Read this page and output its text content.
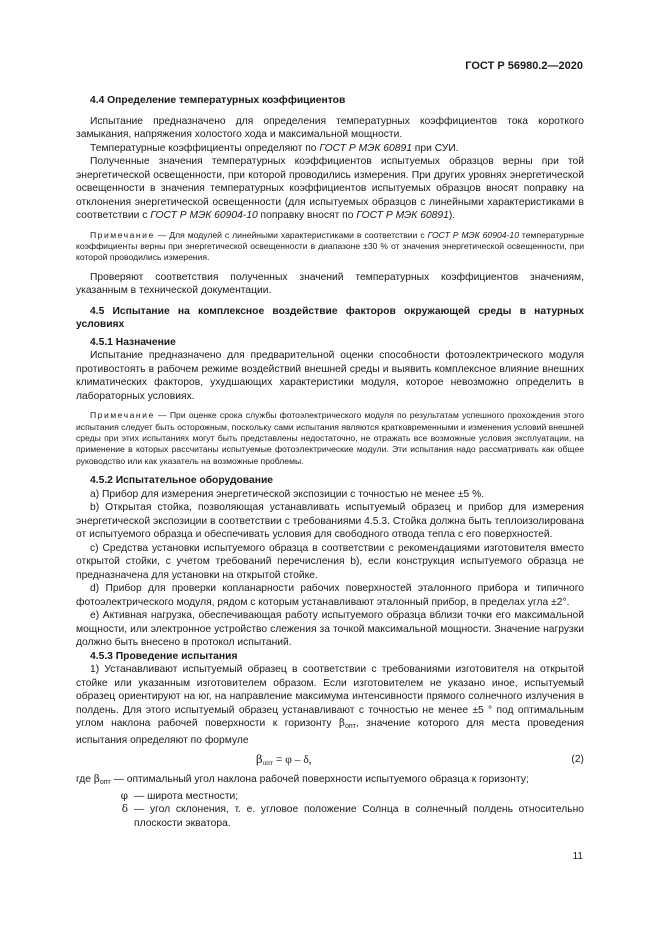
ГОСТ Р 56980.2—2020

4.4 Определение температурных коэффициентов

Испытание предназначено для определения температурных коэффициентов тока короткого замыкания, напряжения холостого хода и максимальной мощности.

Температурные коэффициенты определяют по ГОСТ Р МЭК 60891 при СУИ.

Полученные значения температурных коэффициентов испытуемых образцов верны при той энергетической освещенности, при которой проводились измерения. При других уровнях энергетической освещенности в значения температурных коэффициентов испытуемых образцов вносят поправку на отклонения энергетической освещенности (для испытуемых образцов с линейными характеристиками в соответствии с ГОСТ Р МЭК 60904-10 поправку вносят по ГОСТ Р МЭК 60891).

Примечание — Для модулей с линейными характеристиками в соответствии с ГОСТ Р МЭК 60904-10 температурные коэффициенты верны при энергетической освещенности в диапазоне ±30 % от значения энергетической освещенности, при которой проводились измерения.

Проверяют соответствия полученных значений температурных коэффициентов значениям, указанным в технической документации.

4.5 Испытание на комплексное воздействие факторов окружающей среды в натурных условиях

4.5.1 Назначение

Испытание предназначено для предварительной оценки способности фотоэлектрического модуля противостоять в рабочем режиме воздействий внешней среды и выявить комплексное влияние внешних климатических факторов, ухудшающих характеристики модуля, которое невозможно определить в лабораторных условиях.

Примечание — При оценке срока службы фотоэлектрического модуля по результатам успешного прохождения этого испытания следует быть осторожным, поскольку сами испытания являются кратковременными и изменения условий внешней среды при этих испытаниях могут быть представлены недостаточно, не отражать все возможные условия эксплуатации, на применение в которых рассчитаны испытуемые фотоэлектрические модули. Эти испытания надо рассматривать как общее руководство или как указатель на возможные проблемы.

4.5.2 Испытательное оборудование

а) Прибор для измерения энергетической экспозиции с точностью не менее ±5 %.

b) Открытая стойка, позволяющая устанавливать испытуемый образец и прибор для измерения энергетической экспозиции в соответствии с требованиями 4.5.3. Стойка должна быть теплоизолирована от испытуемого образца и обеспечивать условия для свободного отвода тепла с его поверхностей.

с) Средства установки испытуемого образца в соответствии с рекомендациями изготовителя вместо открытой стойки, с учетом требований перечисления b), если конструкция испытуемого образца не предназначена для установки на открытой стойке.

d) Прибор для проверки копланарности рабочих поверхностей эталонного прибора и типичного фотоэлектрического модуля, рядом с которым устанавливают эталонный прибор, в пределах угла ±2°.

е) Активная нагрузка, обеспечивающая работу испытуемого образца вблизи точки его максимальной мощности, или электронное устройство слежения за точкой максимальной мощности. Значение нагрузки должно быть внесено в протокол испытаний.

4.5.3 Проведение испытания

1) Устанавливают испытуемый образец в соответствии с требованиями изготовителя на открытой стойке или указанным изготовителем образом. Если изготовителем не указано иное, испытуемый образец ориентируют на юг, на направление максимума интенсивности прямого солнечного излучения в полдень. Для этого испытуемый образец устанавливают с точностью не менее ±5 ° под оптимальным углом наклона рабочей поверхности к горизонту $\beta_{опт}$, значение которого для места проведения испытания определяют по формуле

$\beta_{опт} = \varphi - \delta$,	(2)

где $\beta_{опт}$ — оптимальный угол наклона рабочей поверхности испытуемого образца к горизонту;

φ — широта местности;

δ — угол склонения, т. е. угловое положение Солнца в солнечный полдень относительно плоскости экватора.

11
